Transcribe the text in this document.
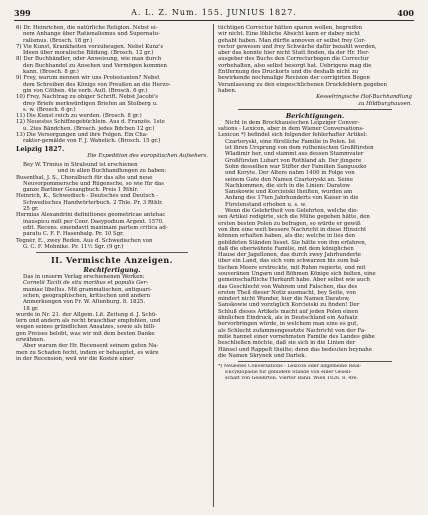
399	A. L. Z. Num. 155. JUNIUS 1827.	400
6) Dr. Heinrichen, die natürliche Religion. Nebst ei-
nem Anhange über Rationalismus und Supernatu-
ralismus. (Brosch. 18 gr.)
7) Vie Kunst, Krankheiten vorzubeugen. Nebst Kunz's
Ideen über moralische Bildung. (Brosch. 12 gr.)
8) Der Buchhändler, oder Anweisung, wie man durch
den Buchhandel zu Ansehen und Vermögen kommen
kann. (Brosch. 8 gr.)
9) Frey, warum nennen wir uns Protestanten? Nebst
dem Schreiben des Königs von Preußen an die Herzo-
gin von Cöthen. 4te verb. Aufl. (Brosch. 6 gr.)
10) Frey, Nachtrag zu obiger Schrift. Nebst Jacobi's
drey Briefe merkwürdigen Briefen an Stolberg u.
s. w. (Brosch. 6 gr.)
11) Die Kunst reich zu werden. (Brosch. 8 gr.)
12) Neuestes Schiffzegebüchlein. Aus d. Französ. 1ste
u. 2tes Bändchen. (Brosch. jedes Bdchen 12 gr.)
13) Die Versorgungen und ihre Folgen. Ein Cha-
rakter-gemälde von F. J. Wahelich. (Brosch. 15 gr.)
Leipzig 1827.
Die Expedition des europäischen Aufsehers.
Bey W. Trinius in Stralsund ist erschienen
und in allen Buchhandlungen zu haben:
Busenthal, J. S., Choralbuch für das alte und neue
Neuvorpommersche und Rügensche, so wie für das
ganze Barliner Gesangbuch. Preis 1 Rthlr.
Heinrich, K., Schwedisch - Deutsches und Deutsch -
Schwedisches Handwörterbuch. 2 Thle. Pr. 3 Rthlr.
25 gr.
Hermias Alexandrini definitiones geometricae antehac
inauspicu milt per Conr. Dasypodium Argent. 1570.
edit. Recens. emendavit maximam partem critica ad-
paratu C. F. F. Hasenbalg. Pr. 10 Sgr.
Tegnér, E., zwey Reden. Aus d. Schwedischen von
G. C. F. Mohnike. Pr. 11½ Sgr. (9 gr.)
II. Vermischte Anzeigen.
Rechtfertigung.
Das in unserm Verlag erschienenen Werken:
Cornelii Taciti de situ moribus et populis Ger-
maniae libellus. Mit grammatischen, antiquari-
schen, geographischen, kritischen und andern
Anmerkungen von Fr. W. Altenburg. 8. 1825.
18 gr.
wurde in Nr. 21. der Allgem. Lit. Zeitung d. J. Schü-
lern und andern als recht brauchbar empfohlen, und
wegen seines gründlichen Ansatzes, sowie als billi-
gen Preises belobt, was wir mit dem besten Danke
erwähnen.
Aber warum der Hr. Recensent seinem guten Na-
men zu Schaden fecht, indem er behauptet, es wäre
in der Recension, weil wir die Kosten einer
tüchtigen Correctur hätten sparen wollen, begreifen
wir nicht. Eine löbliche Absicht kann er dabey nicht
gehabt haben. Man dürfte annoven er selbst frey Cor-
rector gewesen und frey Schwäche dafür bezahlt worden,
aber das konnte hier nicht Statt finden, da der Hr. Her-
ausgeber des Buchs den Correcturbogen die Correctur
vorbehalten, also selbst besorgt hat. Uebrigens mag die
Entfernung des Druckorts und die deshalb nicht zu
bewirkende nochmalige Revision der corrigirten Bogen
Veranlassung zu den eingeschlichenen Druckfehlern gegeben
haben.
Kesselringische Hof-Buchhandlung
zu Hildburghausen.
Berichtigungen.
Nicht in dem Brockhausischen Leipziger Conver-
sations - Lexicon, aber in dem Wiener Conversations-
Lexicon *) befindet sich folgender fehlerhafter Artikel:
Czartoryski, eine fürstliche Familie in Polen. Ist
ist ihren Ursprung von dem ruthenischen Großfürsten
Wladimir her, und stammt aus dessen Stammvater
Großfürsten Lubart von Rothland ab. Der jüngere
Sohn desselben war Stifter der Familien Sanguszko
und Koryte. Der Ältere nahm 1400 in Folge von
seinem Gute den Namen Czartoryski an. Seine
Nachkommen, die sich in die Linien: Daratow
Sanskowie und Korcieiski theilten, wurden am
Anfang des 17ten Jahrhunderts von Kaiser in die
Fürstenstand erhoben u. s. w.
Wenn die Gelehrtheit von Gelehrten, welche die-
sen Artikel redigirte, sich die Mühe gegeben hätte, den
ersten besten Polen zu befragen, so würde er gewiß
von ihm eine weit bessere Nachricht in diese Hinsicht
können erhalten haben, als die; welche in lies den
gebildeten Ständen lieset. Sie hätte von ihm erfahren,
daß die oberwähnte Familie, mit dem königlichen
Hause der Jagellonen, das durch zwey Jahrhunderte
über ein Land, das sich vom schwarzen bis zum bal-
tischen Meere erstreckte, mit Ruhm regierte, und mit
souveränen Ungarn und Böhmen Könige sich bolten, eine
gemeinschaftliche Herkunft habe. Aber selbst wie auch
das Geschlecht von Wahrem und Falschen, das des
ersten Theil dieser Notiz ausmacht, bey Seite, von
mindert nicht Wunder, hier die Namen Daratow,
Sanskowie und vorzüglich Korcieiski zu finden! Der
Schluß dieses Artikels macht auf jeden Polen einen
ähnlichen Eindruck, als in Deutschland ein Aufsatz
hervorbringen würde, in welchem man eine es gut,
als Schlecht zufammengesetzte Nachricht von der Fa-
milie hannet einer vornehmsten Familie des Landes gäbe
beschließen möchte, daß sie sich in die Linien der
Hänsel und Rappelt theilte; denn das bedeuten beynahe
die Namen Skrynek und Dartek.
*) Neuestes Conversations - Lexicon oder allgemeine Real-
Encyklopädie für gebildete Stände von einer Gesell-
schaft von Gelehrten. Vierter Band. Wien 1826. 8. 4re.
